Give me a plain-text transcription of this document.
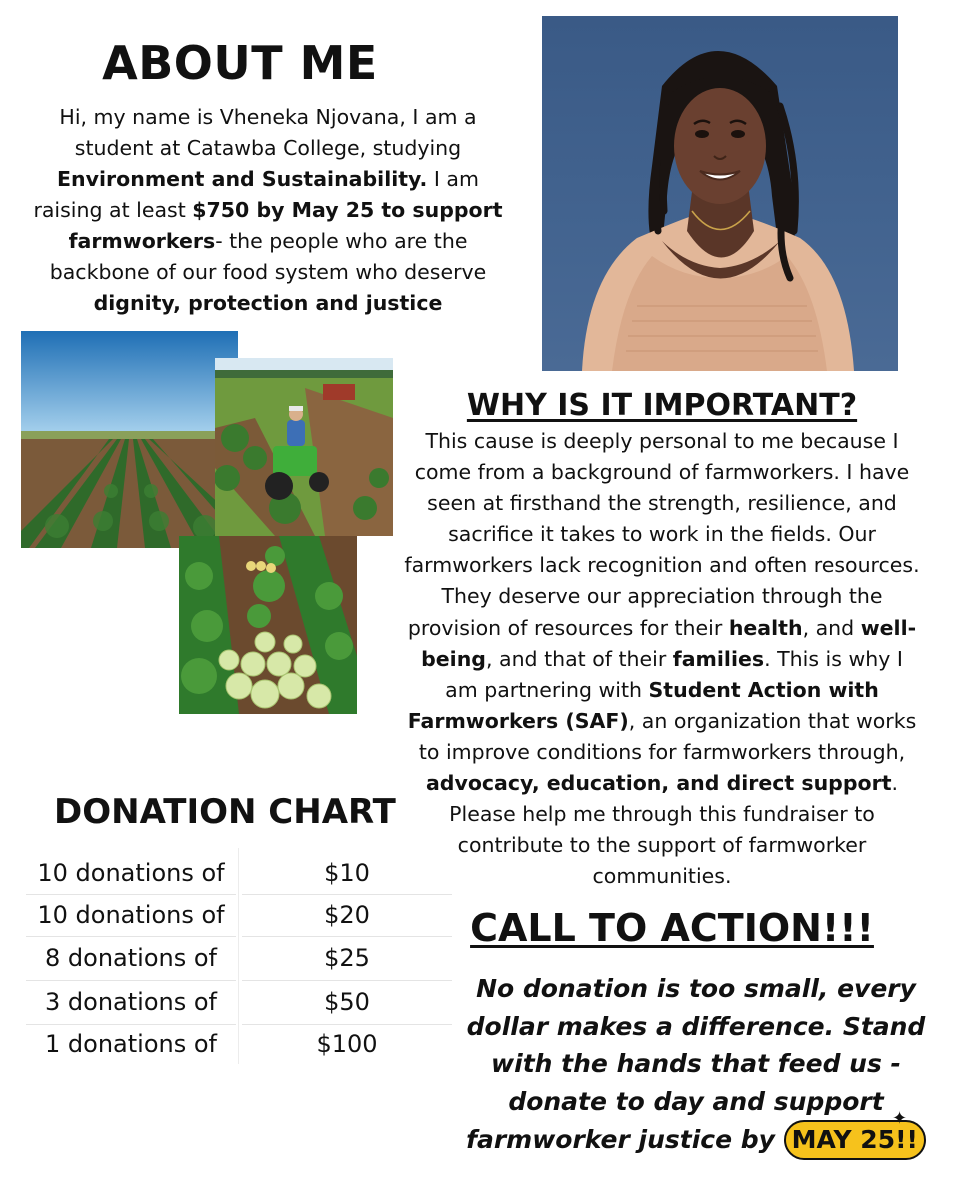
ABOUT ME
Hi, my name is Vheneka Njovana, I am a student at Catawba College, studying Environment and Sustainability. I am raising at least $750 by May 25 to support farmworkers- the people who are the backbone of our food system who deserve dignity, protection and justice
WHY IS IT IMPORTANT?
This cause is deeply personal to me because I come from a background of farmworkers. I have seen at firsthand the strength, resilience, and sacrifice it takes to work in the fields. Our farmworkers lack recognition and often resources. They deserve our appreciation through the provision of resources for their health, and well-being, and that of their families. This is why I am partnering with Student Action with Farmworkers (SAF), an organization that works to improve conditions for farmworkers through, advocacy, education, and direct support. Please help me through this fundraiser to contribute to the support of farmworker communities.
DONATION CHART
10 donations of	$10
10 donations of	$20
8 donations of	$25
3 donations of	$50
1 donations of	$100
CALL TO ACTION!!!
No donation is too small, every dollar makes a difference. Stand with the hands that feed us - donate to day and support farmworker justice by MAY 25!!
✦
